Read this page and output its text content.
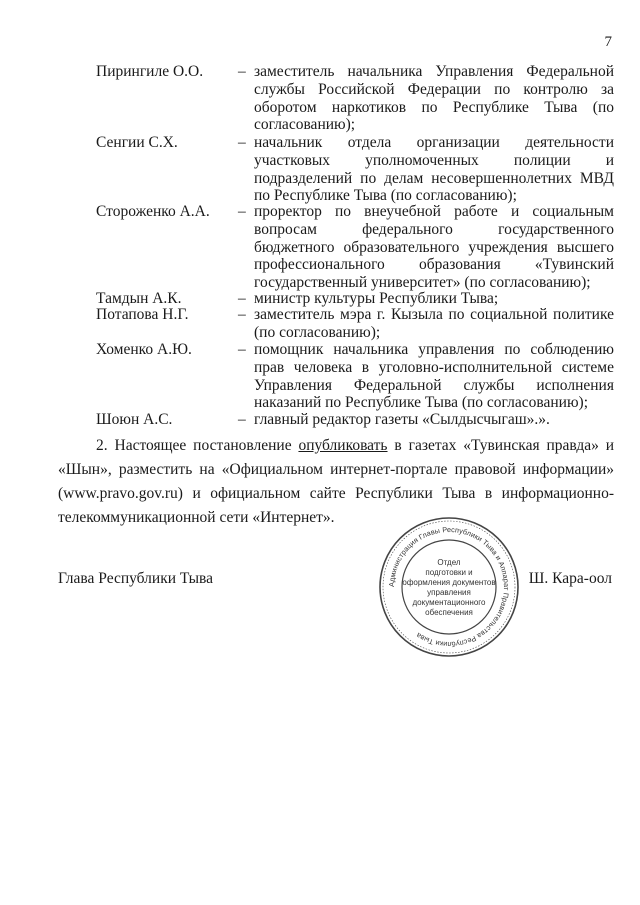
7
Пирингиле О.О.	– заместитель начальника Управления Федеральной службы Российской Федерации по контролю за оборотом наркотиков по Республике Тыва (по согласованию);
Сенгии С.Х.	– начальник отдела организации деятельности участковых уполномоченных полиции и подразделений по делам несовершеннолетних МВД по Республике Тыва (по согласованию);
Стороженко А.А.	– проректор по внеучебной работе и социальным вопросам федерального государственного бюджетного образовательного учреждения высшего профессионального образования «Тувинский государственный университет» (по согласованию);
Тамдын А.К.	– министр культуры Республики Тыва;
Потапова Н.Г.	– заместитель мэра г. Кызыла по социальной политике (по согласованию);
Хоменко А.Ю.	– помощник начальника управления по соблюдению прав человека в уголовно-исполнительной системе Управления Федеральной службы исполнения наказаний по Республике Тыва (по согласованию);
Шоюн А.С.	– главный редактор газеты «Сылдысчыгаш».».
2. Настоящее постановление опубликовать в газетах «Тувинская правда» и «Шын», разместить на «Официальном интернет-портале правовой информации» (www.pravo.gov.ru) и официальном сайте Республики Тыва в информационно-телекоммуникационной сети «Интернет».
Глава Республики Тыва	Ш. Кара-оол
Администрация Главы Республики Тыва и Аппарат Правительства Республики Тыва
Отдел
подготовки и
оформления документов
управления
документационного
обеспечения
